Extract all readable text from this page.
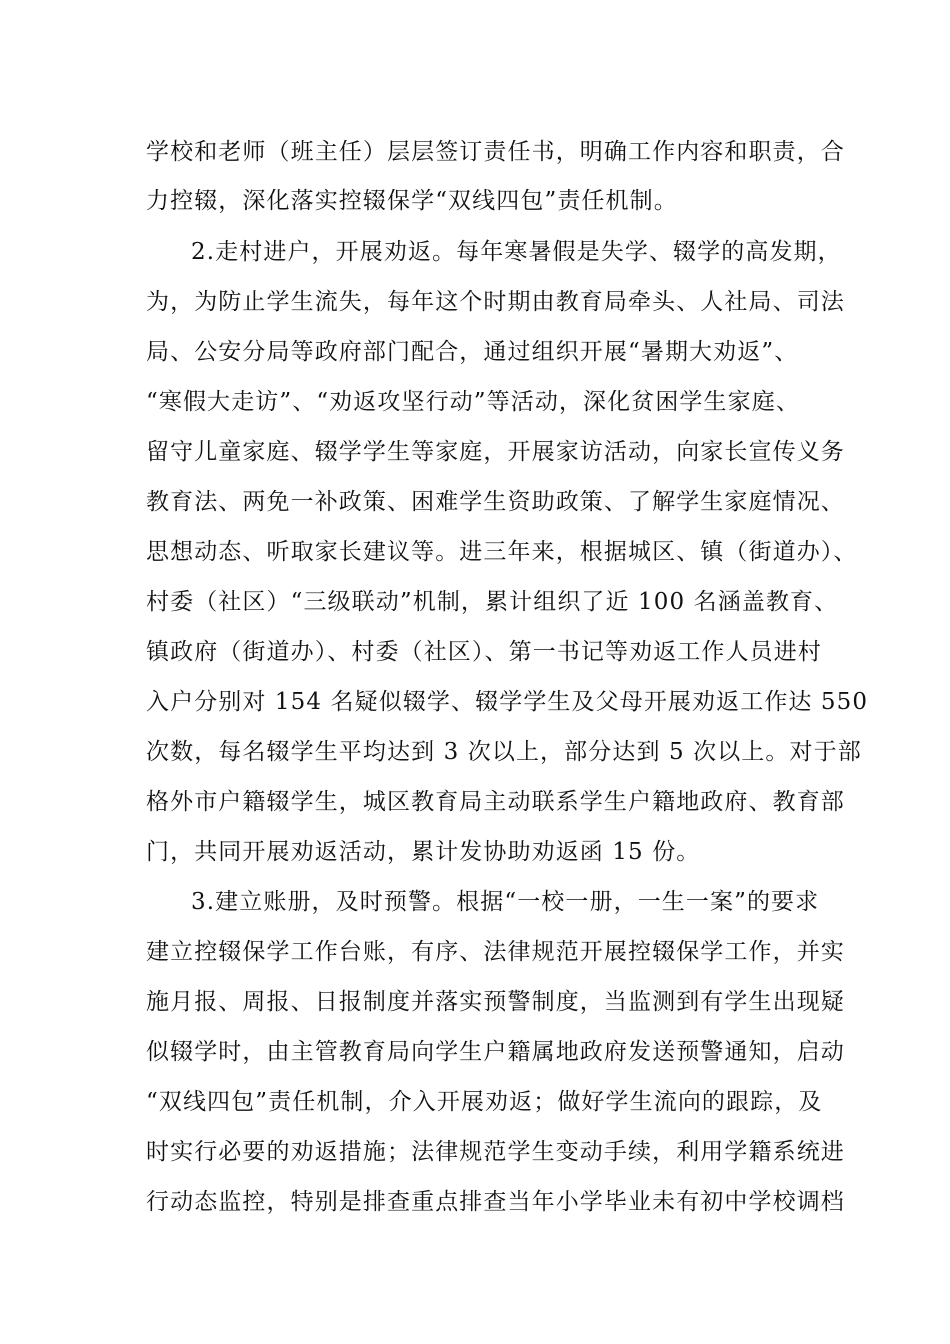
学校和老师（班主任）层层签订责任书，明确工作内容和职责，合
力控辍，深化落实控辍保学“双线四包”责任机制。
2.走村进户，开展劝返。每年寒暑假是失学、辍学的高发期，
为，为防止学生流失，每年这个时期由教育局牵头、人社局、司法
局、公安分局等政府部门配合，通过组织开展“暑期大劝返”、
“寒假大走访”、“劝返攻坚行动”等活动，深化贫困学生家庭、
留守儿童家庭、辍学学生等家庭，开展家访活动，向家长宣传义务
教育法、两免一补政策、困难学生资助政策、了解学生家庭情况、
思想动态、听取家长建议等。进三年来，根据城区、镇（街道办）、
村委（社区）“三级联动”机制，累计组织了近 100 名涵盖教育、
镇政府（街道办）、村委（社区）、第一书记等劝返工作人员进村
入户分别对 154 名疑似辍学、辍学学生及父母开展劝返工作达 550
次数，每名辍学生平均达到 3 次以上，部分达到 5 次以上。对于部
格外市户籍辍学生，城区教育局主动联系学生户籍地政府、教育部
门，共同开展劝返活动，累计发协助劝返函 15 份。
3.建立账册，及时预警。根据“一校一册，一生一案”的要求
建立控辍保学工作台账，有序、法律规范开展控辍保学工作，并实
施月报、周报、日报制度并落实预警制度，当监测到有学生出现疑
似辍学时，由主管教育局向学生户籍属地政府发送预警通知，启动
“双线四包”责任机制，介入开展劝返；做好学生流向的跟踪，及
时实行必要的劝返措施；法律规范学生变动手续，利用学籍系统进
行动态监控，特别是排查重点排查当年小学毕业未有初中学校调档
